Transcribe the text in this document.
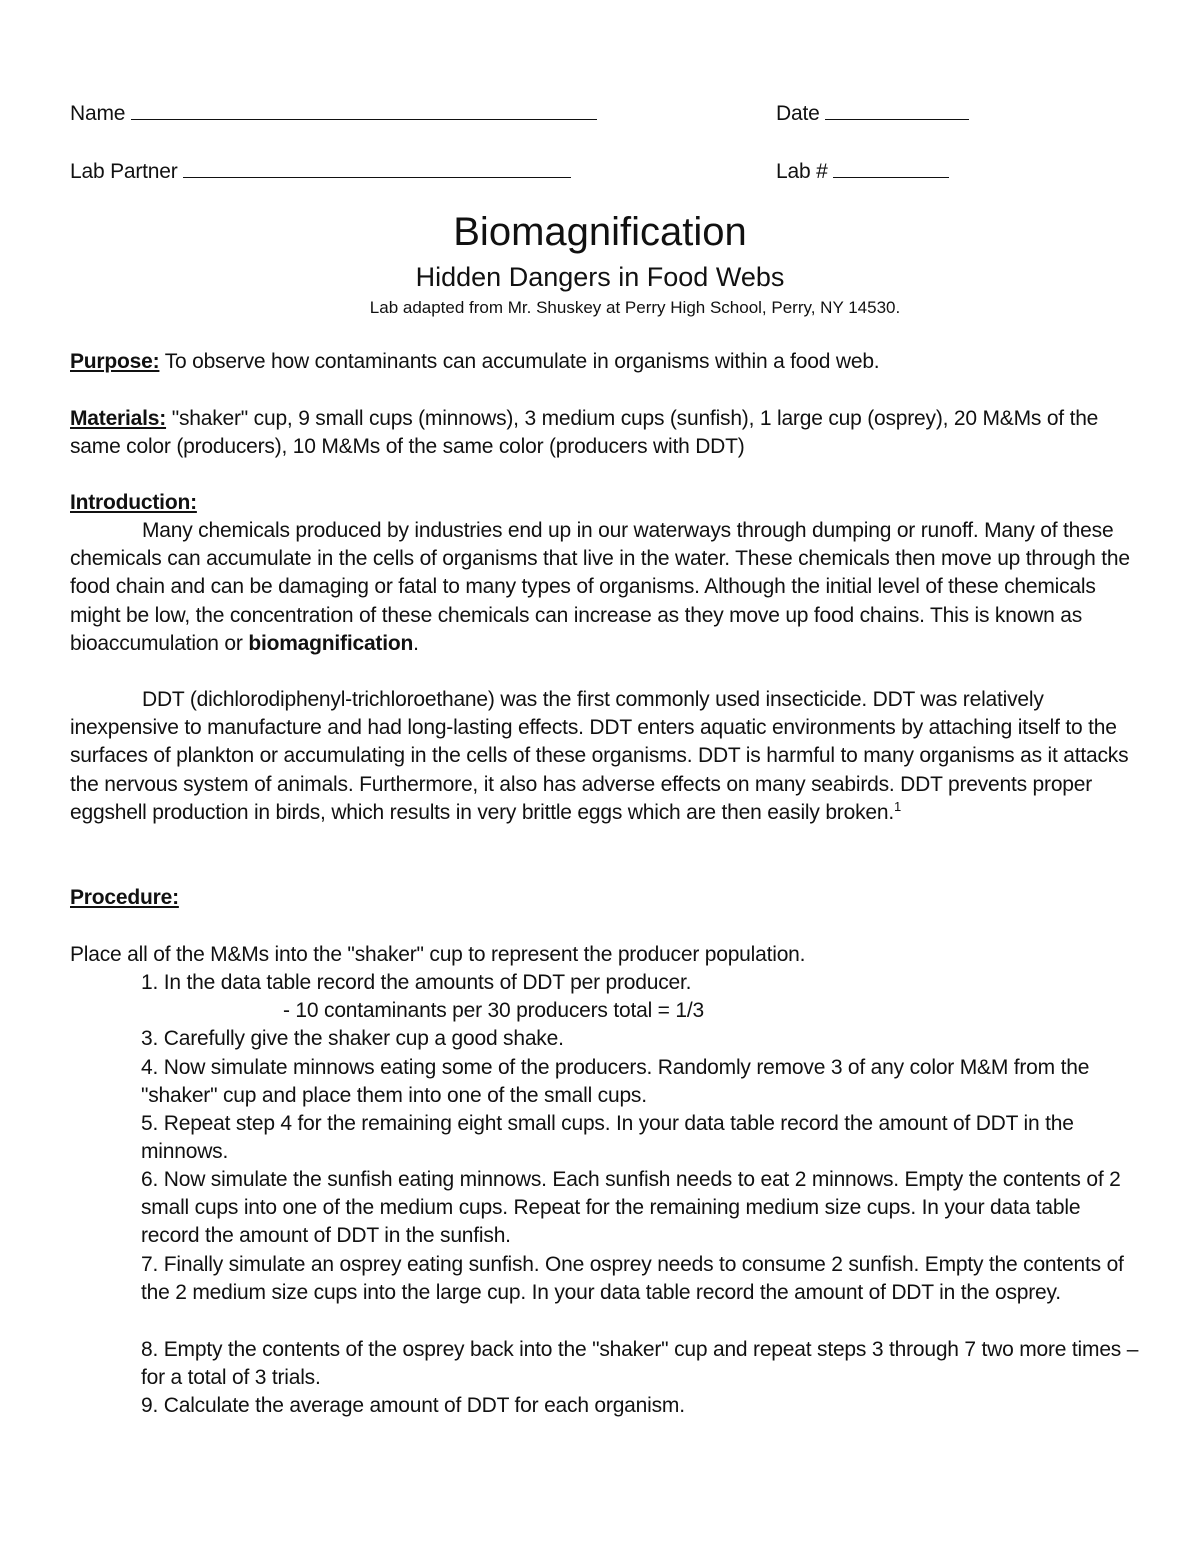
Name	Date
Lab Partner	Lab #
Biomagnification
Hidden Dangers in Food Webs
Lab adapted from Mr. Shuskey at Perry High School, Perry, NY 14530.
Purpose: To observe how contaminants can accumulate in organisms within a food web.
Materials: "shaker" cup, 9 small cups (minnows), 3 medium cups (sunfish), 1 large cup (osprey), 20 M&Ms of the same color (producers), 10 M&Ms of the same color (producers with DDT)
Introduction:
Many chemicals produced by industries end up in our waterways through dumping or runoff. Many of these chemicals can accumulate in the cells of organisms that live in the water. These chemicals then move up through the food chain and can be damaging or fatal to many types of organisms. Although the initial level of these chemicals might be low, the concentration of these chemicals can increase as they move up food chains. This is known as bioaccumulation or biomagnification.
DDT (dichlorodiphenyl-trichloroethane) was the first commonly used insecticide. DDT was relatively inexpensive to manufacture and had long-lasting effects. DDT enters aquatic environments by attaching itself to the surfaces of plankton or accumulating in the cells of these organisms. DDT is harmful to many organisms as it attacks the nervous system of animals. Furthermore, it also has adverse effects on many seabirds. DDT prevents proper eggshell production in birds, which results in very brittle eggs which are then easily broken.$^1$
Procedure:
Place all of the M&Ms into the "shaker" cup to represent the producer population.
1. In the data table record the amounts of DDT per producer.
- 10 contaminants per 30 producers total = 1/3
3. Carefully give the shaker cup a good shake.
4. Now simulate minnows eating some of the producers. Randomly remove 3 of any color M&M from the "shaker" cup and place them into one of the small cups.
5. Repeat step 4 for the remaining eight small cups. In your data table record the amount of DDT in the minnows.
6. Now simulate the sunfish eating minnows. Each sunfish needs to eat 2 minnows. Empty the contents of 2 small cups into one of the medium cups. Repeat for the remaining medium size cups. In your data table record the amount of DDT in the sunfish.
7. Finally simulate an osprey eating sunfish. One osprey needs to consume 2 sunfish. Empty the contents of the 2 medium size cups into the large cup. In your data table record the amount of DDT in the osprey.
8. Empty the contents of the osprey back into the "shaker" cup and repeat steps 3 through 7 two more times – for a total of 3 trials.
9. Calculate the average amount of DDT for each organism.
